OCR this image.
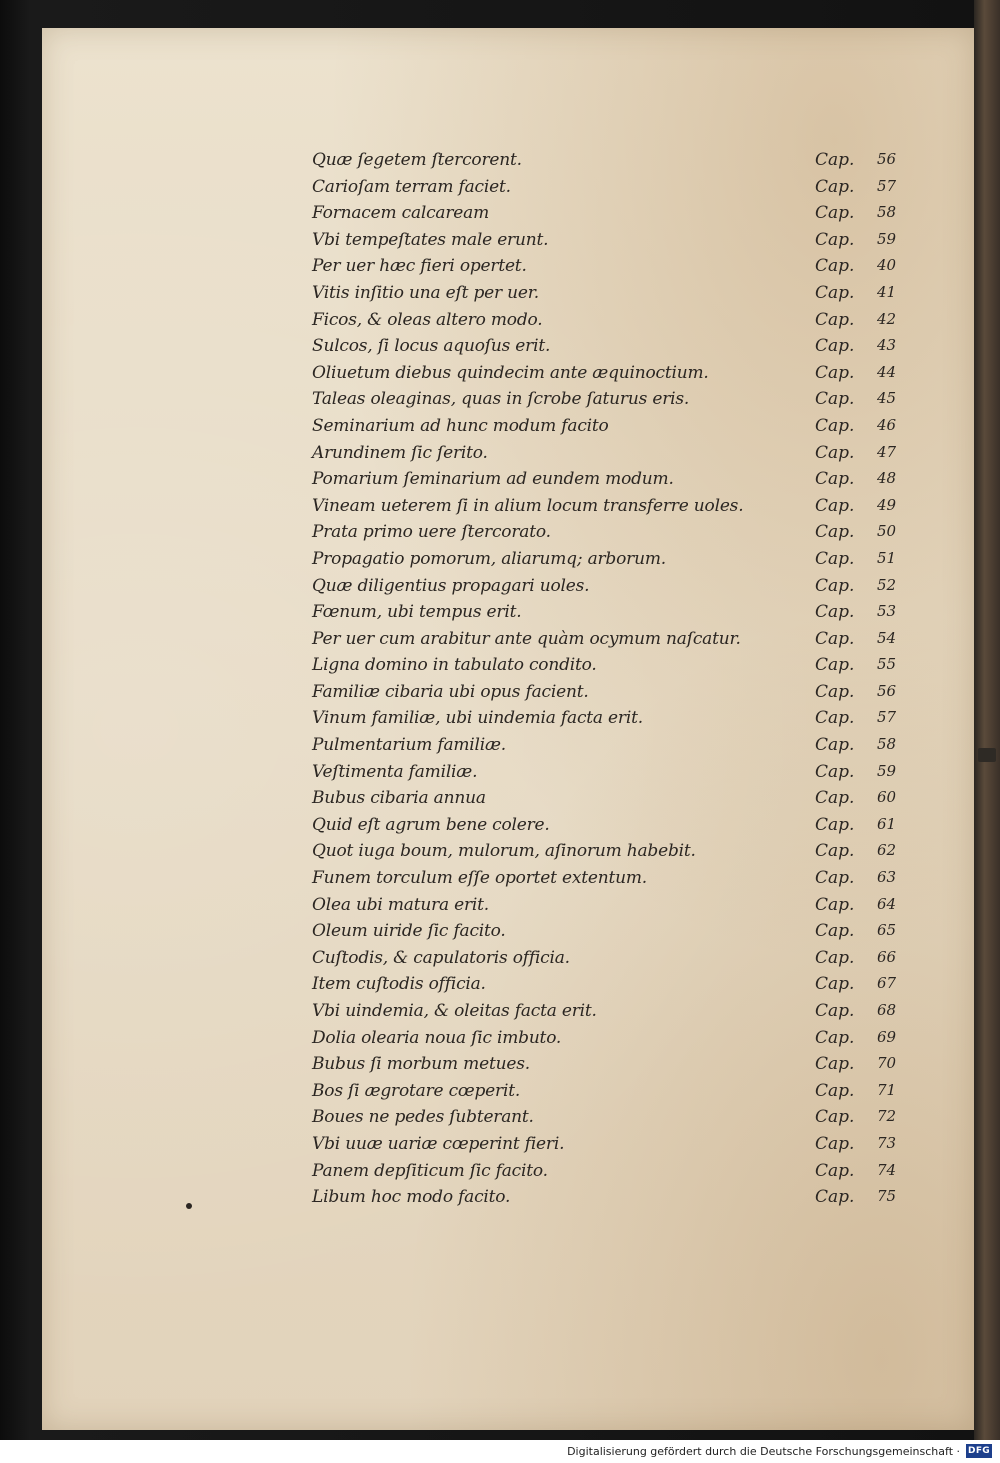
Quæ ſegetem ſtercorent.	Cap. 56
Carioſam terram faciet.	Cap. 57
Fornacem calcaream	Cap. 58
Vbi tempeſtates male erunt.	Cap. 59
Per uer hæc fieri opertet.	Cap. 40
Vitis inſitio una eſt per uer.	Cap. 41
Ficos, & oleas altero modo.	Cap. 42
Sulcos, ſi locus aquoſus erit.	Cap. 43
Oliuetum diebus quindecim ante æquinoctium.	Cap. 44
Taleas oleaginas, quas in ſcrobe ſaturus eris.	Cap. 45
Seminarium ad hunc modum facito	Cap. 46
Arundinem ſic ſerito.	Cap. 47
Pomarium ſeminarium ad eundem modum.	Cap. 48
Vineam ueterem ſi in alium locum transferre uoles.	Cap. 49
Prata primo uere ſtercorato.	Cap. 50
Propagatio pomorum, aliarumq; arborum.	Cap. 51
Quæ diligentius propagari uoles.	Cap. 52
Fœnum, ubi tempus erit.	Cap. 53
Per uer cum arabitur ante quàm ocymum naſcatur.	Cap. 54
Ligna domino in tabulato condito.	Cap. 55
Familiæ cibaria ubi opus facient.	Cap. 56
Vinum familiæ, ubi uindemia facta erit.	Cap. 57
Pulmentarium familiæ.	Cap. 58
Veſtimenta familiæ.	Cap. 59
Bubus cibaria annua	Cap. 60
Quid eſt agrum bene colere.	Cap. 61
Quot iuga boum, mulorum, aſinorum habebit.	Cap. 62
Funem torculum eſſe oportet extentum.	Cap. 63
Olea ubi matura erit.	Cap. 64
Oleum uiride ſic facito.	Cap. 65
Cuſtodis, & capulatoris officia.	Cap. 66
Item cuſtodis officia.	Cap. 67
Vbi uindemia, & oleitas facta erit.	Cap. 68
Dolia olearia noua ſic imbuto.	Cap. 69
Bubus ſi morbum metues.	Cap. 70
Bos ſi ægrotare cœperit.	Cap. 71
Boues ne pedes ſubterant.	Cap. 72
Vbi uuæ uariæ cœperint fieri.	Cap. 73
Panem depſiticum ſic facito.	Cap. 74
Libum hoc modo facito.	Cap. 75
Digitalisierung gefördert durch die Deutsche Forschungsgemeinschaft · DFG
